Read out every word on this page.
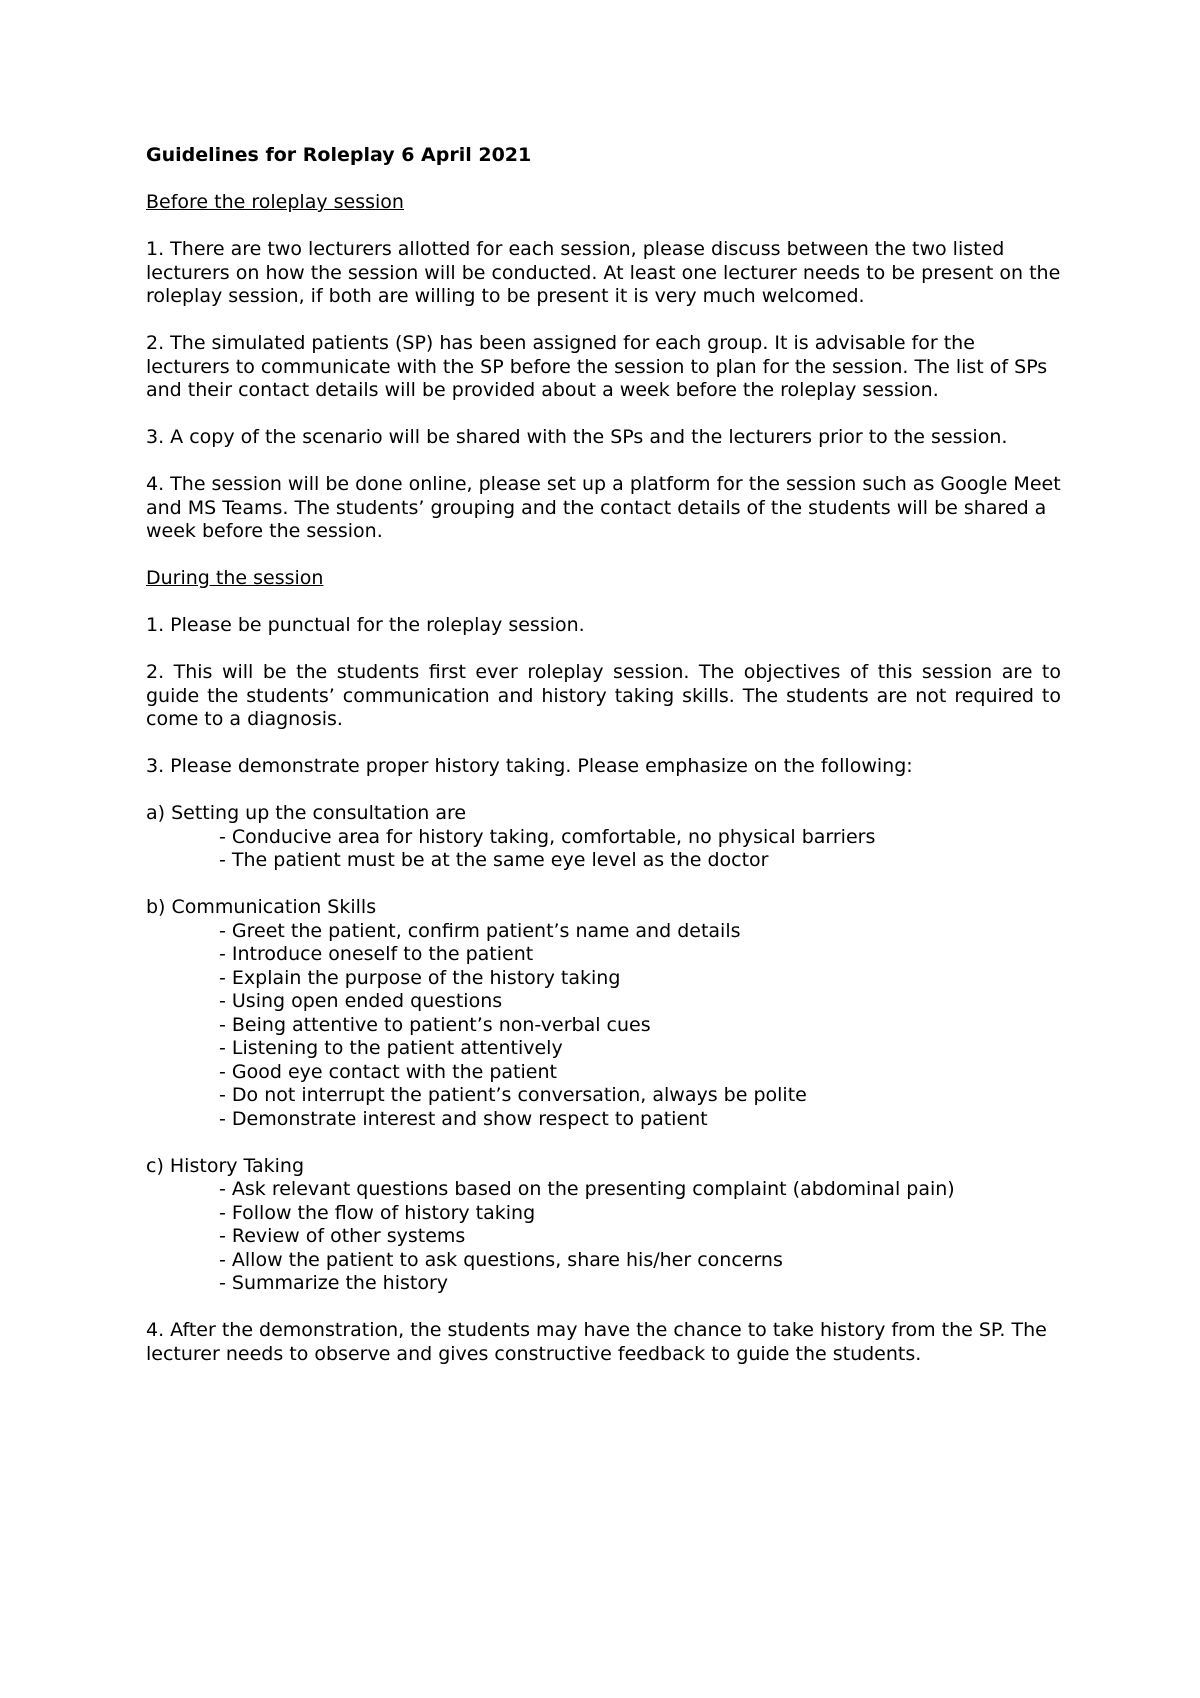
Guidelines for Roleplay 6 April 2021

Before the roleplay session

1. There are two lecturers allotted for each session, please discuss between the two listed lecturers on how the session will be conducted. At least one lecturer needs to be present on the roleplay session, if both are willing to be present it is very much welcomed.

2. The simulated patients (SP) has been assigned for each group. It is advisable for the lecturers to communicate with the SP before the session to plan for the session. The list of SPs and their contact details will be provided about a week before the roleplay session.

3. A copy of the scenario will be shared with the SPs and the lecturers prior to the session.

4. The session will be done online, please set up a platform for the session such as Google Meet and MS Teams. The students’ grouping and the contact details of the students will be shared a week before the session.

During the session

1. Please be punctual for the roleplay session.

2. This will be the students first ever roleplay session. The objectives of this session are to guide the students’ communication and history taking skills. The students are not required to come to a diagnosis.

3. Please demonstrate proper history taking. Please emphasize on the following:

a) Setting up the consultation are

- Conducive area for history taking, comfortable, no physical barriers

- The patient must be at the same eye level as the doctor

b) Communication Skills

- Greet the patient, confirm patient’s name and details

- Introduce oneself to the patient

- Explain the purpose of the history taking

- Using open ended questions

- Being attentive to patient’s non-verbal cues

- Listening to the patient attentively

- Good eye contact with the patient

- Do not interrupt the patient’s conversation, always be polite

- Demonstrate interest and show respect to patient

c) History Taking

- Ask relevant questions based on the presenting complaint (abdominal pain)

- Follow the flow of history taking

- Review of other systems

- Allow the patient to ask questions, share his/her concerns

- Summarize the history

4. After the demonstration, the students may have the chance to take history from the SP. The lecturer needs to observe and gives constructive feedback to guide the students.
